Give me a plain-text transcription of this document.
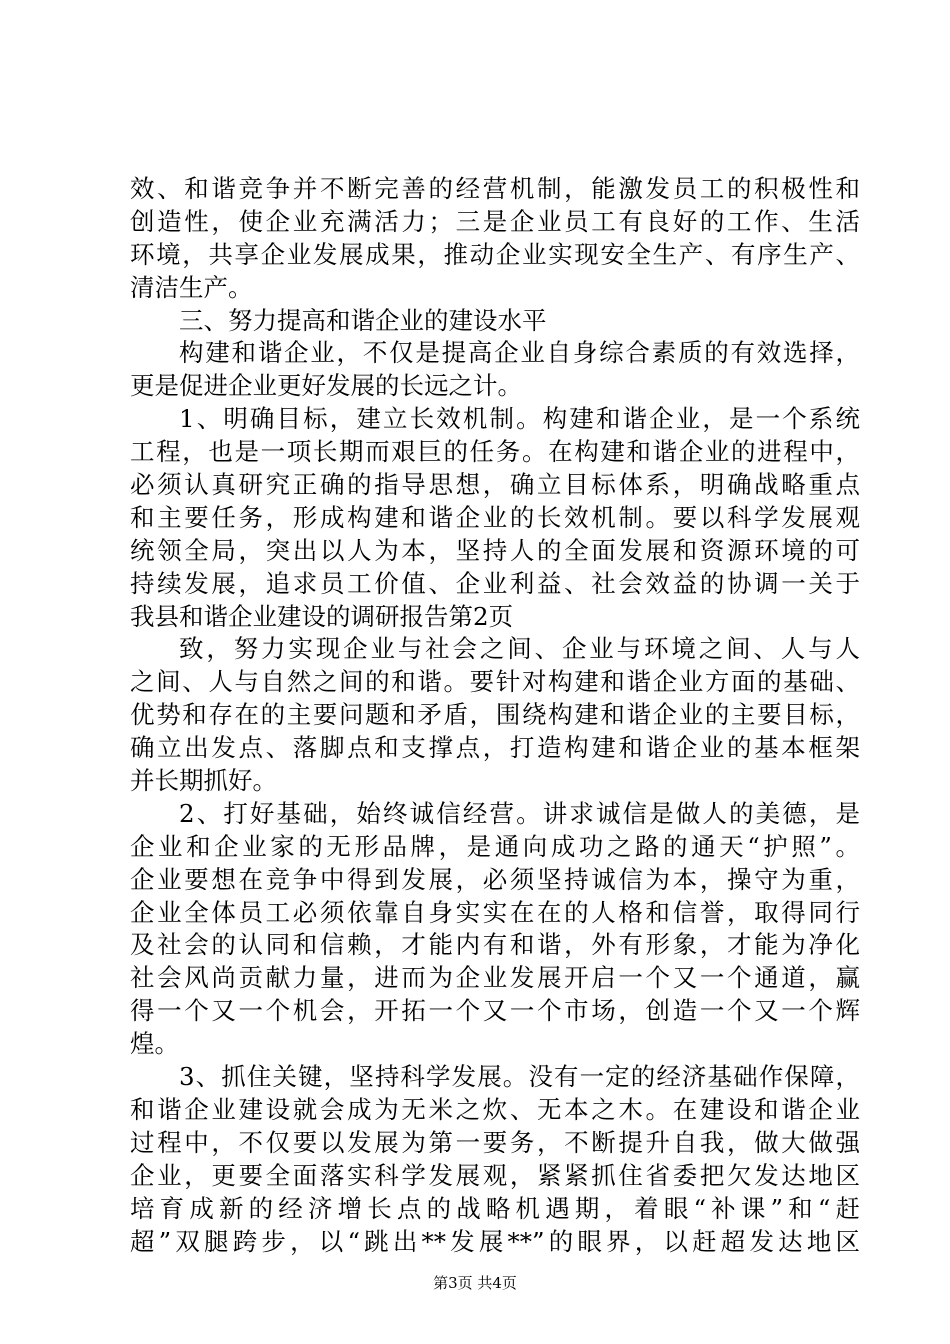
效、和谐竞争并不断完善的经营机制，能激发员工的积极性和
创造性，使企业充满活力；三是企业员工有良好的工作、生活
环境，共享企业发展成果，推动企业实现安全生产、有序生产、
清洁生产。
三、努力提高和谐企业的建设水平
构建和谐企业，不仅是提高企业自身综合素质的有效选择，
更是促进企业更好发展的长远之计。
1、明确目标，建立长效机制。构建和谐企业，是一个系统
工程，也是一项长期而艰巨的任务。在构建和谐企业的进程中，
必须认真研究正确的指导思想，确立目标体系，明确战略重点
和主要任务，形成构建和谐企业的长效机制。要以科学发展观
统领全局，突出以人为本，坚持人的全面发展和资源环境的可
持续发展，追求员工价值、企业利益、社会效益的协调一关于
我县和谐企业建设的调研报告第2页
致，努力实现企业与社会之间、企业与环境之间、人与人
之间、人与自然之间的和谐。要针对构建和谐企业方面的基础、
优势和存在的主要问题和矛盾，围绕构建和谐企业的主要目标，
确立出发点、落脚点和支撑点，打造构建和谐企业的基本框架
并长期抓好。
2、打好基础，始终诚信经营。讲求诚信是做人的美德，是
企业和企业家的无形品牌，是通向成功之路的通天“护照”。
企业要想在竞争中得到发展，必须坚持诚信为本，操守为重，
企业全体员工必须依靠自身实实在在的人格和信誉，取得同行
及社会的认同和信赖，才能内有和谐，外有形象，才能为净化
社会风尚贡献力量，进而为企业发展开启一个又一个通道，赢
得一个又一个机会，开拓一个又一个市场，创造一个又一个辉
煌。
3、抓住关键，坚持科学发展。没有一定的经济基础作保障，
和谐企业建设就会成为无米之炊、无本之木。在建设和谐企业
过程中，不仅要以发展为第一要务，不断提升自我，做大做强
企业，更要全面落实科学发展观，紧紧抓住省委把欠发达地区
培育成新的经济增长点的战略机遇期，着眼“补课”和“赶
超”双腿跨步，以“跳出**发展**”的眼界，以赶超发达地区
第3页 共4页
